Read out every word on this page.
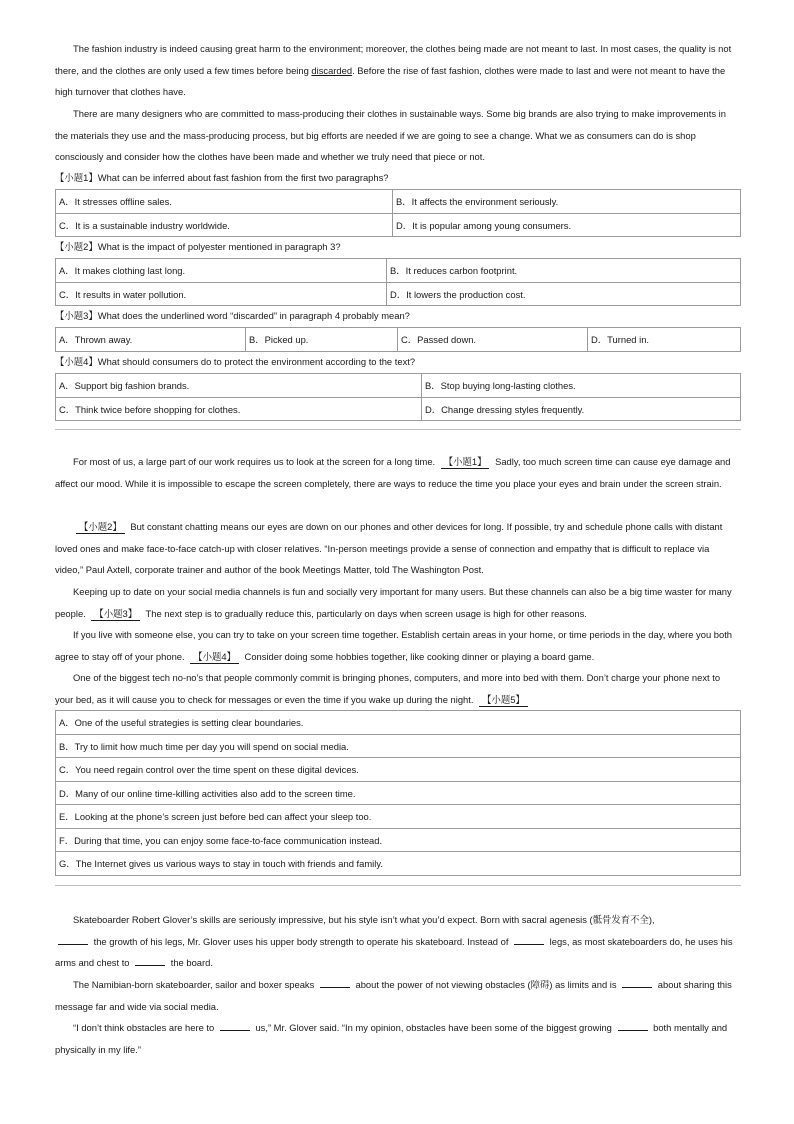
The fashion industry is indeed causing great harm to the environment; moreover, the clothes being made are not meant to last. In most cases, the quality is not there, and the clothes are only used a few times before being discarded. Before the rise of fast fashion, clothes were made to last and were not meant to have the high turnover that clothes have.

There are many designers who are committed to mass-producing their clothes in sustainable ways. Some big brands are also trying to make improvements in the materials they use and the mass-producing process, but big efforts are needed if we are going to see a change. What we as consumers can do is shop consciously and consider how the clothes have been made and whether we truly need that piece or not.

【小题1】What can be inferred about fast fashion from the first two paragraphs?
A．It stresses offline sales.	B．It affects the environment seriously.
C．It is a sustainable industry worldwide.	D．It is popular among young consumers.
【小题2】What is the impact of polyester mentioned in paragraph 3?
A．It makes clothing last long.	B．It reduces carbon footprint.
C．It results in water pollution.	D．It lowers the production cost.
【小题3】What does the underlined word “discarded” in paragraph 4 probably mean?
A．Thrown away.	B．Picked up.	C．Passed down.	D．Turned in.
【小题4】What should consumers do to protect the environment according to the text?
A．Support big fashion brands.	B．Stop buying long-lasting clothes.
C．Think twice before shopping for clothes.	D．Change dressing styles frequently.

For most of us, a large part of our work requires us to look at the screen for a long time. 【小题1】 Sadly, too much screen time can cause eye damage and affect our mood. While it is impossible to escape the screen completely, there are ways to reduce the time you place your eyes and brain under the screen strain.

【小题2】 But constant chatting means our eyes are down on our phones and other devices for long. If possible, try and schedule phone calls with distant loved ones and make face-to-face catch-up with closer relatives. “In-person meetings provide a sense of connection and empathy that is difficult to replace via video,” Paul Axtell, corporate trainer and author of the book Meetings Matter, told The Washington Post.

Keeping up to date on your social media channels is fun and socially very important for many users. But these channels can also be a big time waster for many people. 【小题3】 The next step is to gradually reduce this, particularly on days when screen usage is high for other reasons.

If you live with someone else, you can try to take on your screen time together. Establish certain areas in your home, or time periods in the day, where you both agree to stay off of your phone. 【小题4】 Consider doing some hobbies together, like cooking dinner or playing a board game.

One of the biggest tech no-no’s that people commonly commit is bringing phones, computers, and more into bed with them. Don’t charge your phone next to your bed, as it will cause you to check for messages or even the time if you wake up during the night. 【小题5】

A．One of the useful strategies is setting clear boundaries.
B．Try to limit how much time per day you will spend on social media.
C．You need regain control over the time spent on these digital devices.
D．Many of our online time-killing activities also add to the screen time.
E．Looking at the phone’s screen just before bed can affect your sleep too.
F．During that time, you can enjoy some face-to-face communication instead.
G．The Internet gives us various ways to stay in touch with friends and family.

Skateboarder Robert Glover’s skills are seriously impressive, but his style isn’t what you’d expect. Born with sacral agenesis (骶骨发育不全),
the growth of his legs, Mr. Glover uses his upper body strength to operate his skateboard. Instead of	legs, as most skateboarders do, he uses his arms and chest to	the board.

The Namibian-born skateboarder, sailor and boxer speaks	about the power of not viewing obstacles (障碍) as limits and is	about sharing this message far and wide via social media.

“I don’t think obstacles are here to	us,” Mr. Glover said. “In my opinion, obstacles have been some of the biggest growing	both mentally and physically in my life.”
